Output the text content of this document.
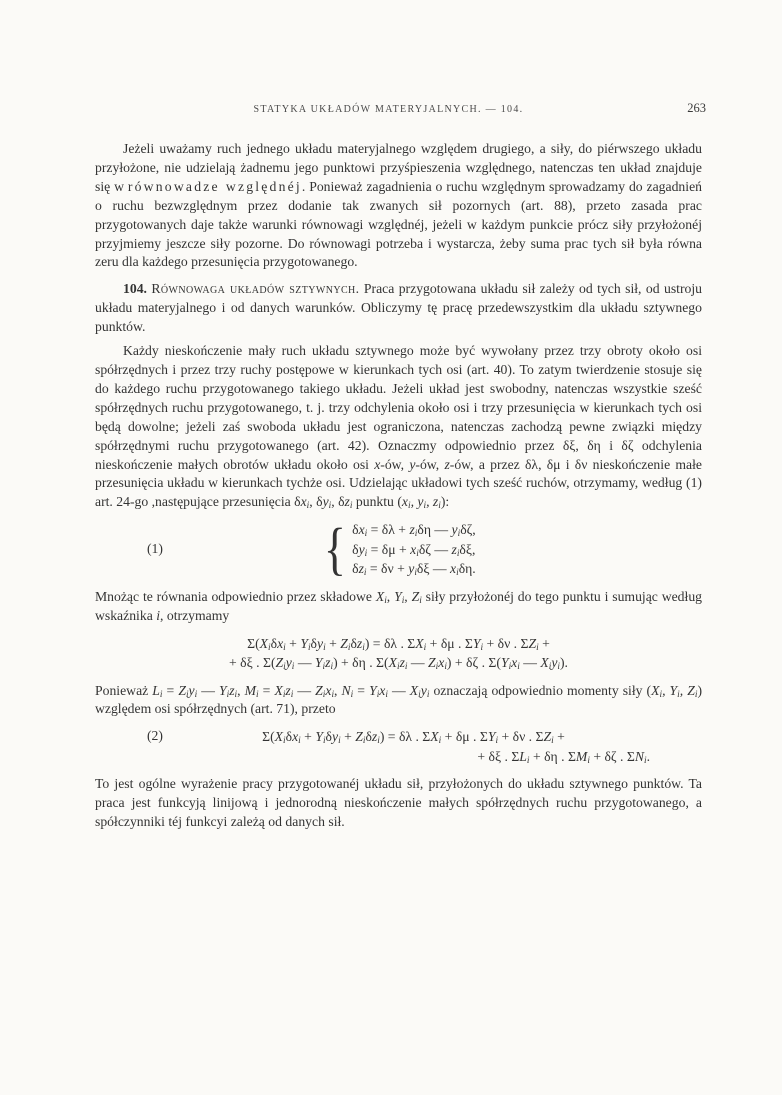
STATYKA UKŁADÓW MATERYJALNYCH. — 104.	263

Jeżeli uważamy ruch jednego układu materyjalnego względem drugiego, a siły, do piérwszego układu przyłożone, nie udzielają żadnemu jego punktowi przyśpieszenia względnego, natenczas ten układ znajduje się w równowadze względnéj. Ponieważ zagadnienia o ruchu względnym sprowadzamy do zagadnień o ruchu bezwzględnym przez dodanie tak zwanych sił pozornych (art. 88), przeto zasada prac przygotowanych daje także warunki równowagi względnéj, jeżeli w każdym punkcie prócz siły przyłożonéj przyjmiemy jeszcze siły pozorne. Do równowagi potrzeba i wystarcza, żeby suma prac tych sił była równa zeru dla każdego przesunięcia przygotowanego.

104. Równowaga układów sztywnych. Praca przygotowana układu sił zależy od tych sił, od ustroju układu materyjalnego i od danych warunków. Obliczymy tę pracę przedewszystkim dla układu sztywnego punktów.

Każdy nieskończenie mały ruch układu sztywnego może być wywołany przez trzy obroty około osi spółrzędnych i przez trzy ruchy postępowe w kierunkach tych osi (art. 40). To zatym twierdzenie stosuje się do każdego ruchu przygotowanego takiego układu. Jeżeli układ jest swobodny, natenczas wszystkie sześć spółrzędnych ruchu przygotowanego, t. j. trzy odchylenia około osi i trzy przesunięcia w kierunkach tych osi będą dowolne; jeżeli zaś swoboda układu jest ograniczona, natenczas zachodzą pewne związki między spółrzędnymi ruchu przygotowanego (art. 42). Oznaczmy odpowiednio przez δξ, δη i δζ odchylenia nieskończenie małych obrotów układu około osi x-ów, y-ów, z-ów, a przez δλ, δμ i δν nieskończenie małe przesunięcia układu w kierunkach tychże osi. Udzielając układowi tych sześć ruchów, otrzymamy, według (1) art. 24-go ,następujące przesunięcia $\delta x_i$, $\delta y_i$, $\delta z_i$ punktu ($x_i$, $y_i$, $z_i$):

(1)	{ $\delta x_i = \delta\lambda + z_i\delta\eta$ — $y_i\delta\zeta$,
$\delta y_i = \delta\mu + x_i\delta\zeta$ — $z_i\delta\xi$,
$\delta z_i = \delta\nu + y_i\delta\xi$ — $x_i\delta\eta$.

Mnożąc te równania odpowiednio przez składowe $X_i$, $Y_i$, $Z_i$ siły przyłożonéj do tego punktu i sumując według wskaźnika i, otrzymamy

$\Sigma(X_i\delta x_i + Y_i\delta y_i + Z_i\delta z_i) = \delta\lambda$ . $\Sigma X_i + \delta\mu$ . $\Sigma Y_i + \delta\nu$ . $\Sigma Z_i$ +
+ δξ . $\Sigma(Z_iy_i$ — $Y_iz_i) + \delta\eta$ . $\Sigma(X_iz_i$ — $Z_ix_i) + \delta\zeta$ . $\Sigma(Y_ix_i$ — $X_iy_i$).

Ponieważ $L_i = Z_iy_i$ — $Y_iz_i$, $M_i = X_iz_i$ — $Z_ix_i$, $N_i = Y_ix_i$ — $X_iy_i$ oznaczają odpowiednio momenty siły ($X_i$, $Y_i$, $Z_i$) względem osi spółrzędnych (art. 71), przeto

(2)	$\Sigma(X_i\delta x_i + Y_i\delta y_i + Z_i\delta z_i) = \delta\lambda$ . $\Sigma X_i + \delta\mu$ . $\Sigma Y_i + \delta\nu$ . $\Sigma Z_i$ +
+ δξ . $\Sigma L_i + \delta\eta$ . $\Sigma M_i + \delta\zeta$ . $\Sigma N_i$.

To jest ogólne wyrażenie pracy przygotowanéj układu sił, przyłożonych do układu sztywnego punktów. Ta praca jest funkcyją linijową i jednorodną nieskończenie małych spółrzędnych ruchu przygotowanego, a spółczynniki téj funkcyi zależą od danych sił.
